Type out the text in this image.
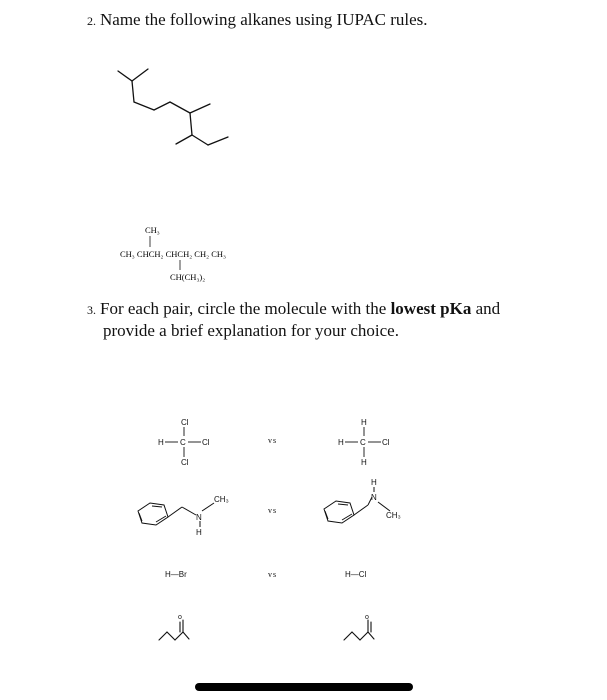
2. Name the following alkanes using IUPAC rules.
CH₃
CH₃ CHCH₂ CHCH₂ CH₂ CH₃
CH(CH₃)₂
3. For each pair, circle the molecule with the lowest pKa and
provide a brief explanation for your choice.
Cl
H C Cl
Cl
vs
H
H C Cl
H
N
H
CH₃
vs
H
N
CH₃
H—Br	vs	H—Cl
o	o
